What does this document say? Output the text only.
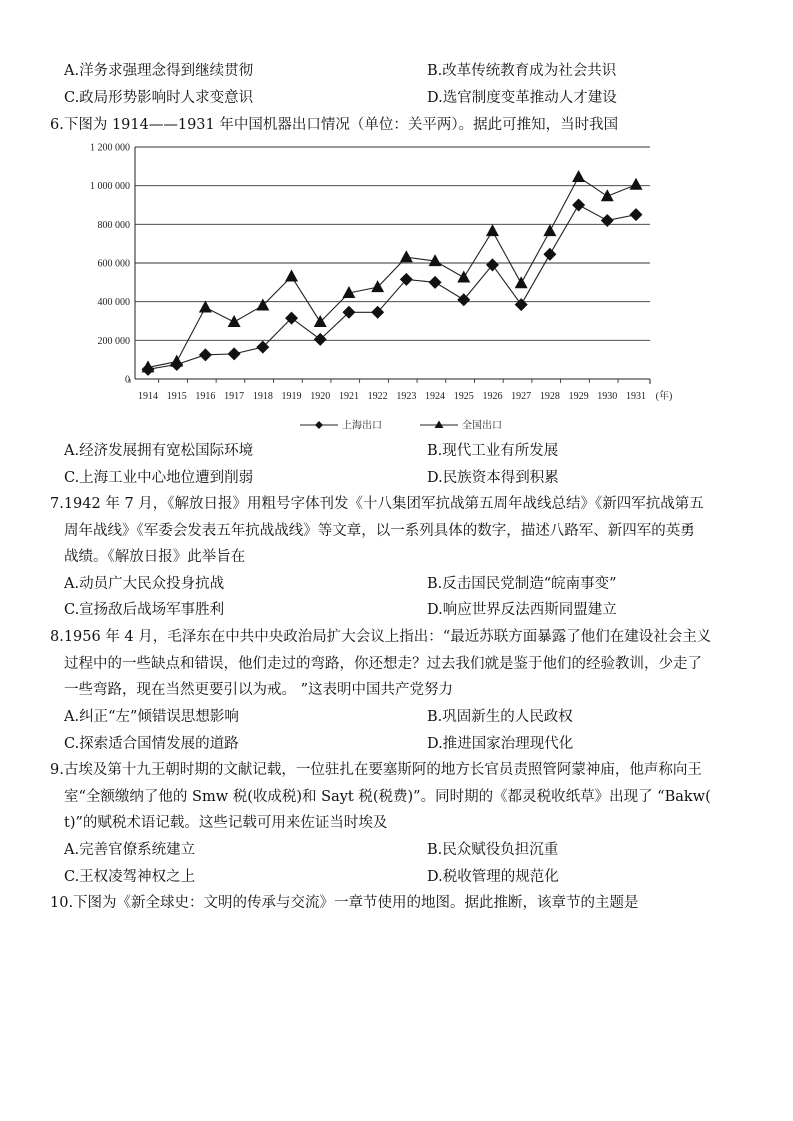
A.洋务求强理念得到继续贯彻	B.改革传统教育成为社会共识
C.政局形势影响时人求变意识	D.选官制度变革推动人才建设
6.下图为 1914——1931 年中国机器出口情况（单位：关平两）。据此可推知，当时我国
0
200 000
400 000
600 000
800 000
1 000 000
1 200 000
1914 1915 1916 1917 1918 1919 1920 1921 1922 1923 1924 1925 1926 1927 1928 1929 1930 1931 (年)
上海出口	全国出口
A.经济发展拥有宽松国际环境	B.现代工业有所发展
C.上海工业中心地位遭到削弱	D.民族资本得到积累
7.1942 年 7 月，《解放日报》用粗号字体刊发《十八集团军抗战第五周年战线总结》《新四军抗战第五
周年战线》《军委会发表五年抗战战线》等文章，以一系列具体的数字，描述八路军、新四军的英勇
战绩。《解放日报》此举旨在
A.动员广大民众投身抗战	B.反击国民党制造“皖南事变”
C.宣扬敌后战场军事胜利	D.响应世界反法西斯同盟建立
8.1956 年 4 月，毛泽东在中共中央政治局扩大会议上指出：“最近苏联方面暴露了他们在建设社会主义
过程中的一些缺点和错误，他们走过的弯路，你还想走？过去我们就是鉴于他们的经验教训，少走了
一些弯路，现在当然更要引以为戒。 ”这表明中国共产党努力
A.纠正“左”倾错误思想影响	B.巩固新生的人民政权
C.探索适合国情发展的道路	D.推进国家治理现代化
9.古埃及第十九王朝时期的文献记载，一位驻扎在要塞斯阿的地方长官员责照管阿蒙神庙，他声称向王
室“全额缴纳了他的 Smw 税(收成税)和 Sayt 税(税费)”。同时期的《都灵税收纸草》出现了 “Bakw(
t)”的赋税术语记载。这些记载可用来佐证当时埃及
A.完善官僚系统建立	B.民众赋役负担沉重
C.王权凌驾神权之上	D.税收管理的规范化
10.下图为《新全球史：文明的传承与交流》一章节使用的地图。据此推断，该章节的主题是
